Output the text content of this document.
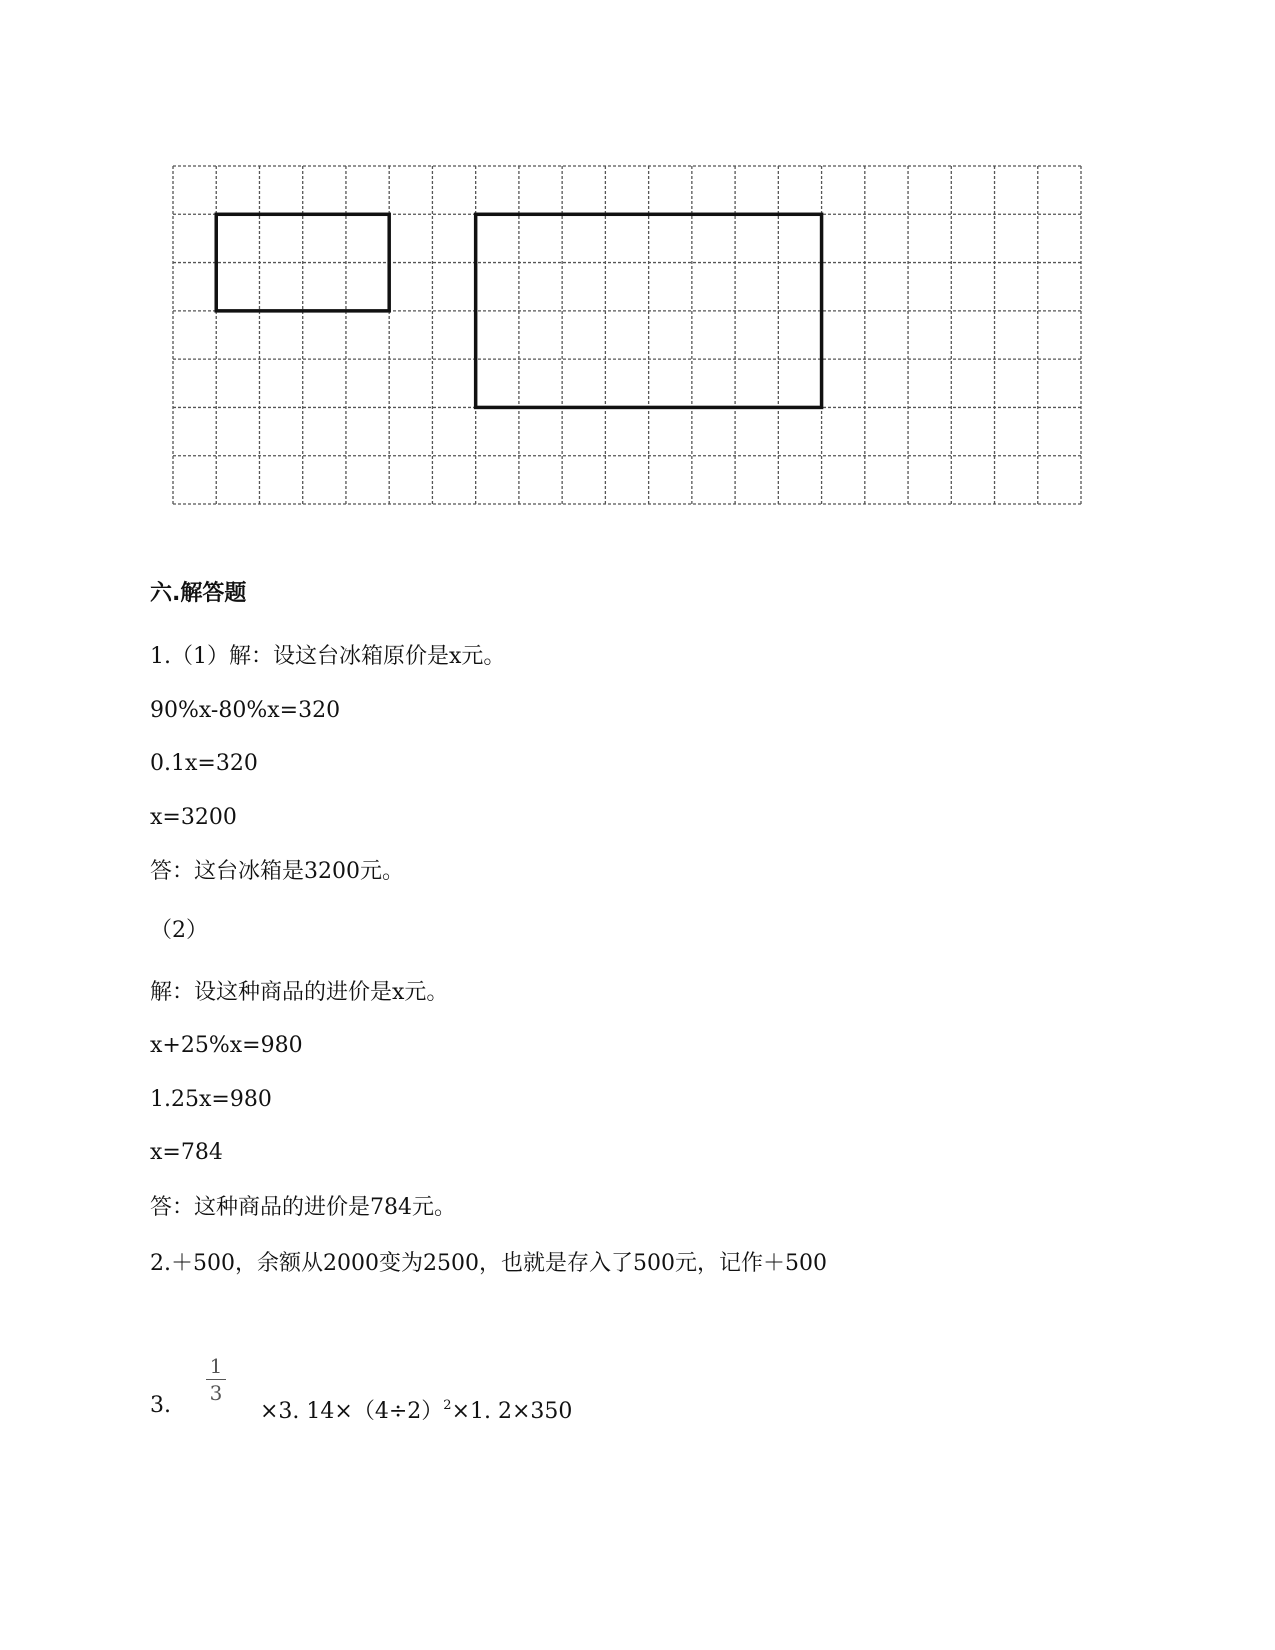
六.解答题
1.（1）解：设这台冰箱原价是x元。
90%x-80%x=320
0.1x=320
x=3200
答：这台冰箱是3200元。
（2）
解：设这种商品的进价是x元。
x+25%x=980
1.25x=980
x=784
答：这种商品的进价是784元。
2.＋500，余额从2000变为2500，也就是存入了500元，记作＋500
3.
1
3
×3. $14\times(4\div 2)^2\times 1$. 2×350
